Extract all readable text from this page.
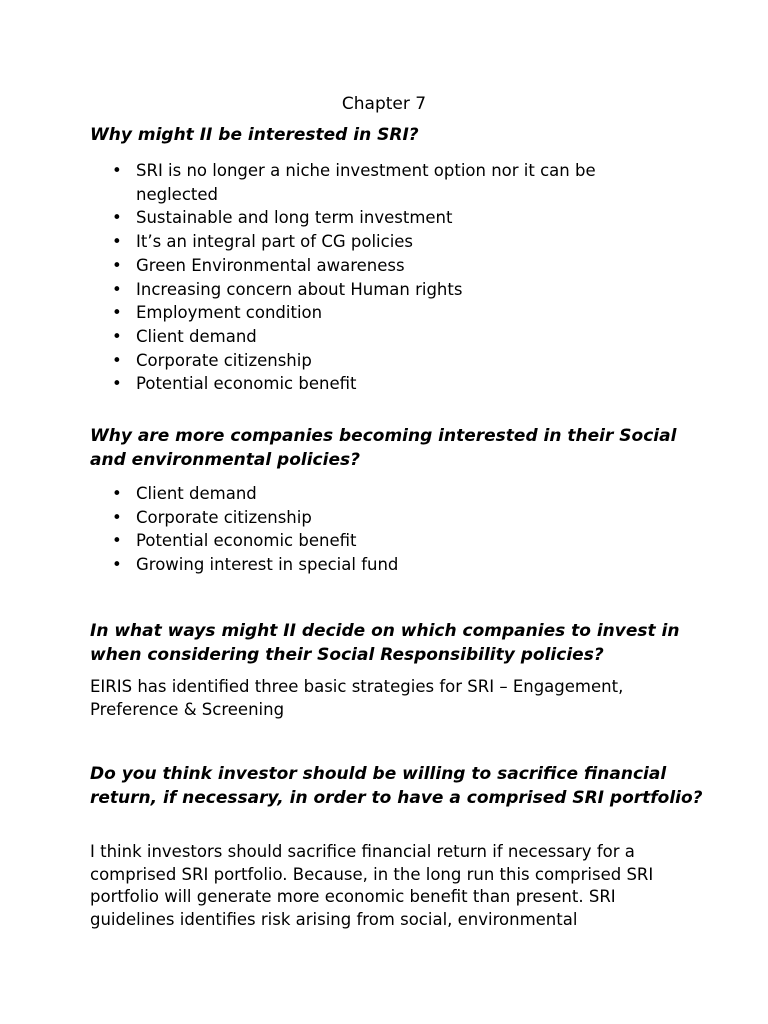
Chapter 7
Why might II be interested in SRI?
• SRI is no longer a niche investment option nor it can be neglected
• Sustainable and long term investment
• It’s an integral part of CG policies
• Green Environmental awareness
• Increasing concern about Human rights
• Employment condition
• Client demand
• Corporate citizenship
• Potential economic benefit
Why are more companies becoming interested in their Social and environmental policies?
• Client demand
• Corporate citizenship
• Potential economic benefit
• Growing interest in special fund
In what ways might II decide on which companies to invest in when considering their Social Responsibility policies?

EIRIS has identified three basic strategies for SRI – Engagement, Preference & Screening

Do you think investor should be willing to sacrifice financial return, if necessary, in order to have a comprised SRI portfolio?

I think investors should sacrifice financial return if necessary for a comprised SRI portfolio. Because, in the long run this comprised SRI portfolio will generate more economic benefit than present. SRI guidelines identifies risk arising from social, environmental
